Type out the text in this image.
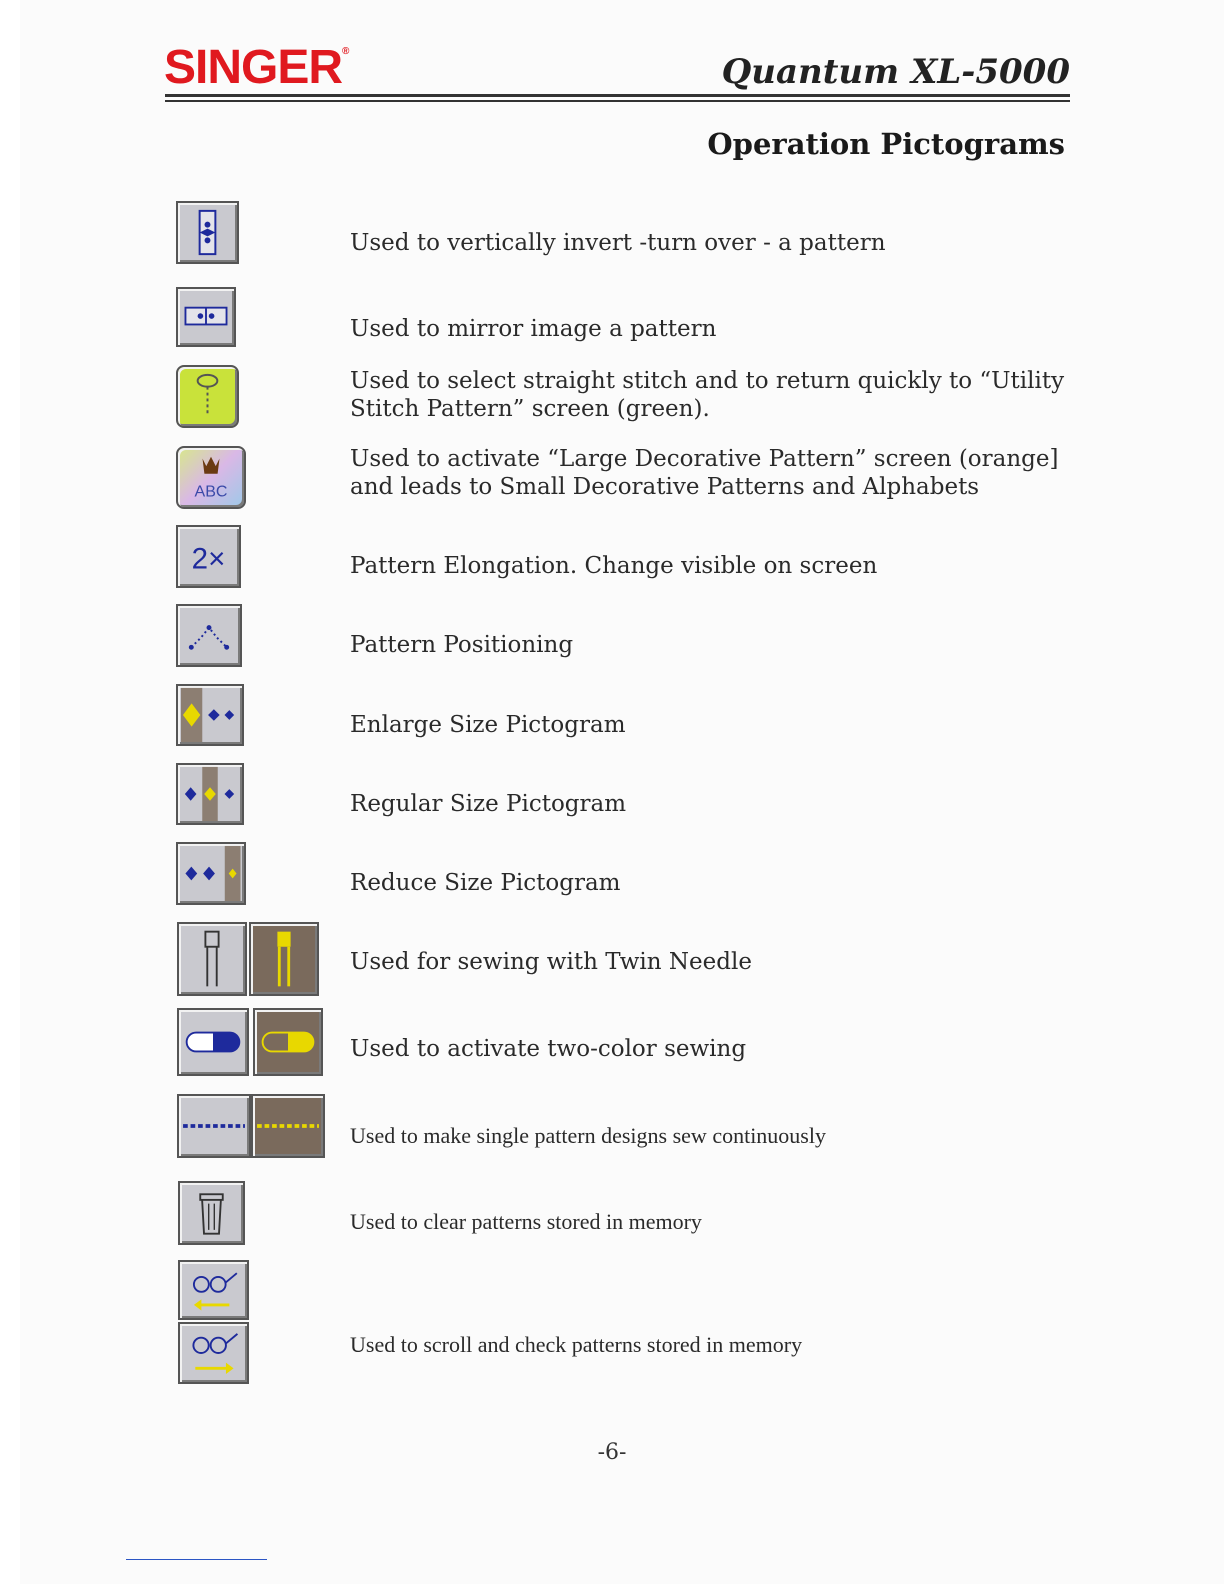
SINGER®
Quantum XL-5000
Operation Pictograms
Used to vertically invert -turn over - a pattern
Used to mirror image a pattern
Used to select straight stitch and to return quickly to “Utility Stitch Pattern” screen (green).
ABC
Used to activate “Large Decorative Pattern” screen (orange] and leads to Small Decorative Patterns and Alphabets
2×	Pattern Elongation. Change visible on screen
Pattern Positioning
Enlarge Size Pictogram
Regular Size Pictogram
Reduce Size Pictogram
Used for sewing with Twin Needle
Used to activate two-color sewing
Used to make single pattern designs sew continuously
Used to clear patterns stored in memory
Used to scroll and check patterns stored in memory
-6-
